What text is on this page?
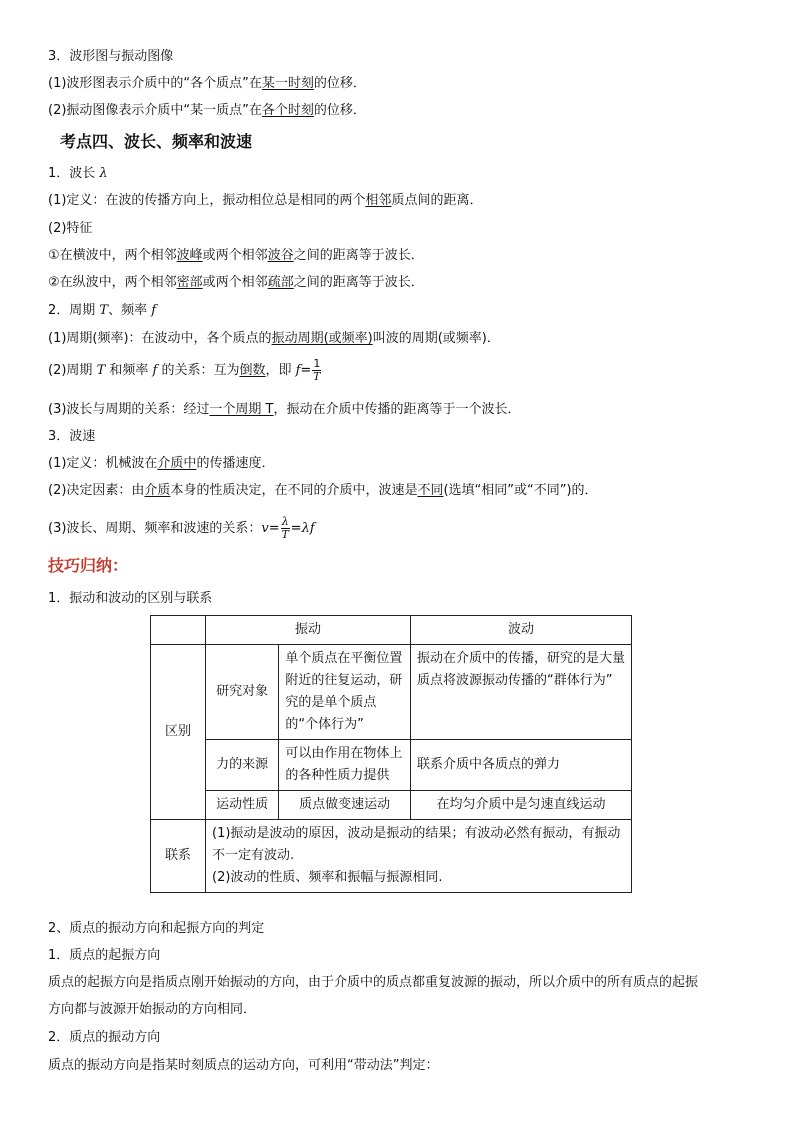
3．波形图与振动图像
(1)波形图表示介质中的“各个质点”在某一时刻的位移．
(2)振动图像表示介质中“某一质点”在各个时刻的位移．
考点四、波长、频率和波速
1．波长 λ
(1)定义：在波的传播方向上，振动相位总是相同的两个相邻质点间的距离．
(2)特征
①在横波中，两个相邻波峰或两个相邻波谷之间的距离等于波长．
②在纵波中，两个相邻密部或两个相邻疏部之间的距离等于波长．
2．周期 T、频率 f
(1)周期(频率)：在波动中，各个质点的振动周期(或频率)叫波的周期(或频率)．
(2)周期 T 和频率 f 的关系：互为倒数，即 $f= \frac{1}{T}$
(3)波长与周期的关系：经过一个周期 T，振动在介质中传播的距离等于一个波长．
3．波速
(1)定义：机械波在介质中的传播速度．
(2)决定因素：由介质本身的性质决定，在不同的介质中，波速是不同(选填“相同”或“不同”)的．
(3)波长、周期、频率和波速的关系：$v= \frac{\lambda}{T} =\lambda f$
技巧归纳：
1．振动和波动的区别与联系
	振动		波动
区别	研究对象	单个质点在平衡位置附近的往复运动，研究的是单个质点的“个体行为”	振动在介质中的传播，研究的是大量质点将波源振动传播的“群体行为”
	力的来源	可以由作用在物体上的各种性质力提供	联系介质中各质点的弹力
	运动性质	质点做变速运动	在均匀介质中是匀速直线运动
联系	(1)振动是波动的原因，波动是振动的结果；有波动必然有振动，有振动不一定有波动.
(2)波动的性质、频率和振幅与振源相同.		
2、质点的振动方向和起振方向的判定
1．质点的起振方向
质点的起振方向是指质点刚开始振动的方向，由于介质中的质点都重复波源的振动，所以介质中的所有质点的起振
方向都与波源开始振动的方向相同．
2．质点的振动方向
质点的振动方向是指某时刻质点的运动方向，可利用“带动法”判定：
